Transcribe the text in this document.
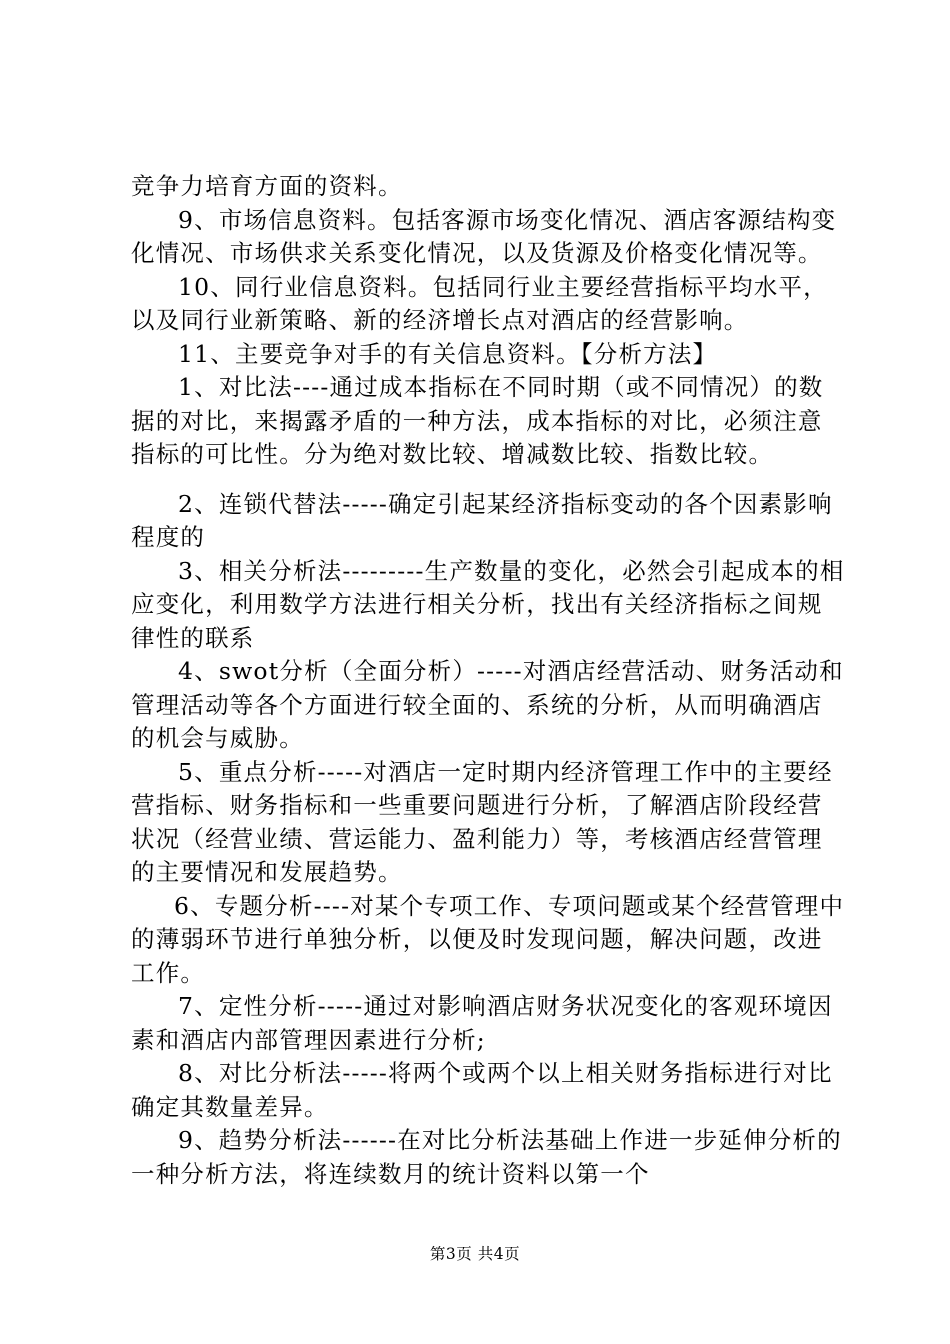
竞争力培育方面的资料。

9、市场信息资料。包括客源市场变化情况、酒店客源结构变化情况、市场供求关系变化情况，以及货源及价格变化情况等。

10、同行业信息资料。包括同行业主要经营指标平均水平，以及同行业新策略、新的经济增长点对酒店的经营影响。

11、主要竞争对手的有关信息资料。【分析方法】

1、对比法----通过成本指标在不同时期（或不同情况）的数据的对比，来揭露矛盾的一种方法，成本指标的对比，必须注意指标的可比性。分为绝对数比较、增减数比较、指数比较。

2、连锁代替法-----确定引起某经济指标变动的各个因素影响程度的

3、相关分析法---------生产数量的变化，必然会引起成本的相应变化，利用数学方法进行相关分析，找出有关经济指标之间规律性的联系

4、swot分析（全面分析）-----对酒店经营活动、财务活动和管理活动等各个方面进行较全面的、系统的分析，从而明确酒店的机会与威胁。

5、重点分析-----对酒店一定时期内经济管理工作中的主要经营指标、财务指标和一些重要问题进行分析，了解酒店阶段经营状况（经营业绩、营运能力、盈利能力）等，考核酒店经营管理的主要情况和发展趋势。

6、专题分析----对某个专项工作、专项问题或某个经营管理中的薄弱环节进行单独分析，以便及时发现问题，解决问题，改进工作。

7、定性分析-----通过对影响酒店财务状况变化的客观环境因素和酒店内部管理因素进行分析;

8、对比分析法-----将两个或两个以上相关财务指标进行对比确定其数量差异。

9、趋势分析法------在对比分析法基础上作进一步延伸分析的一种分析方法，将连续数月的统计资料以第一个

第3页 共4页
